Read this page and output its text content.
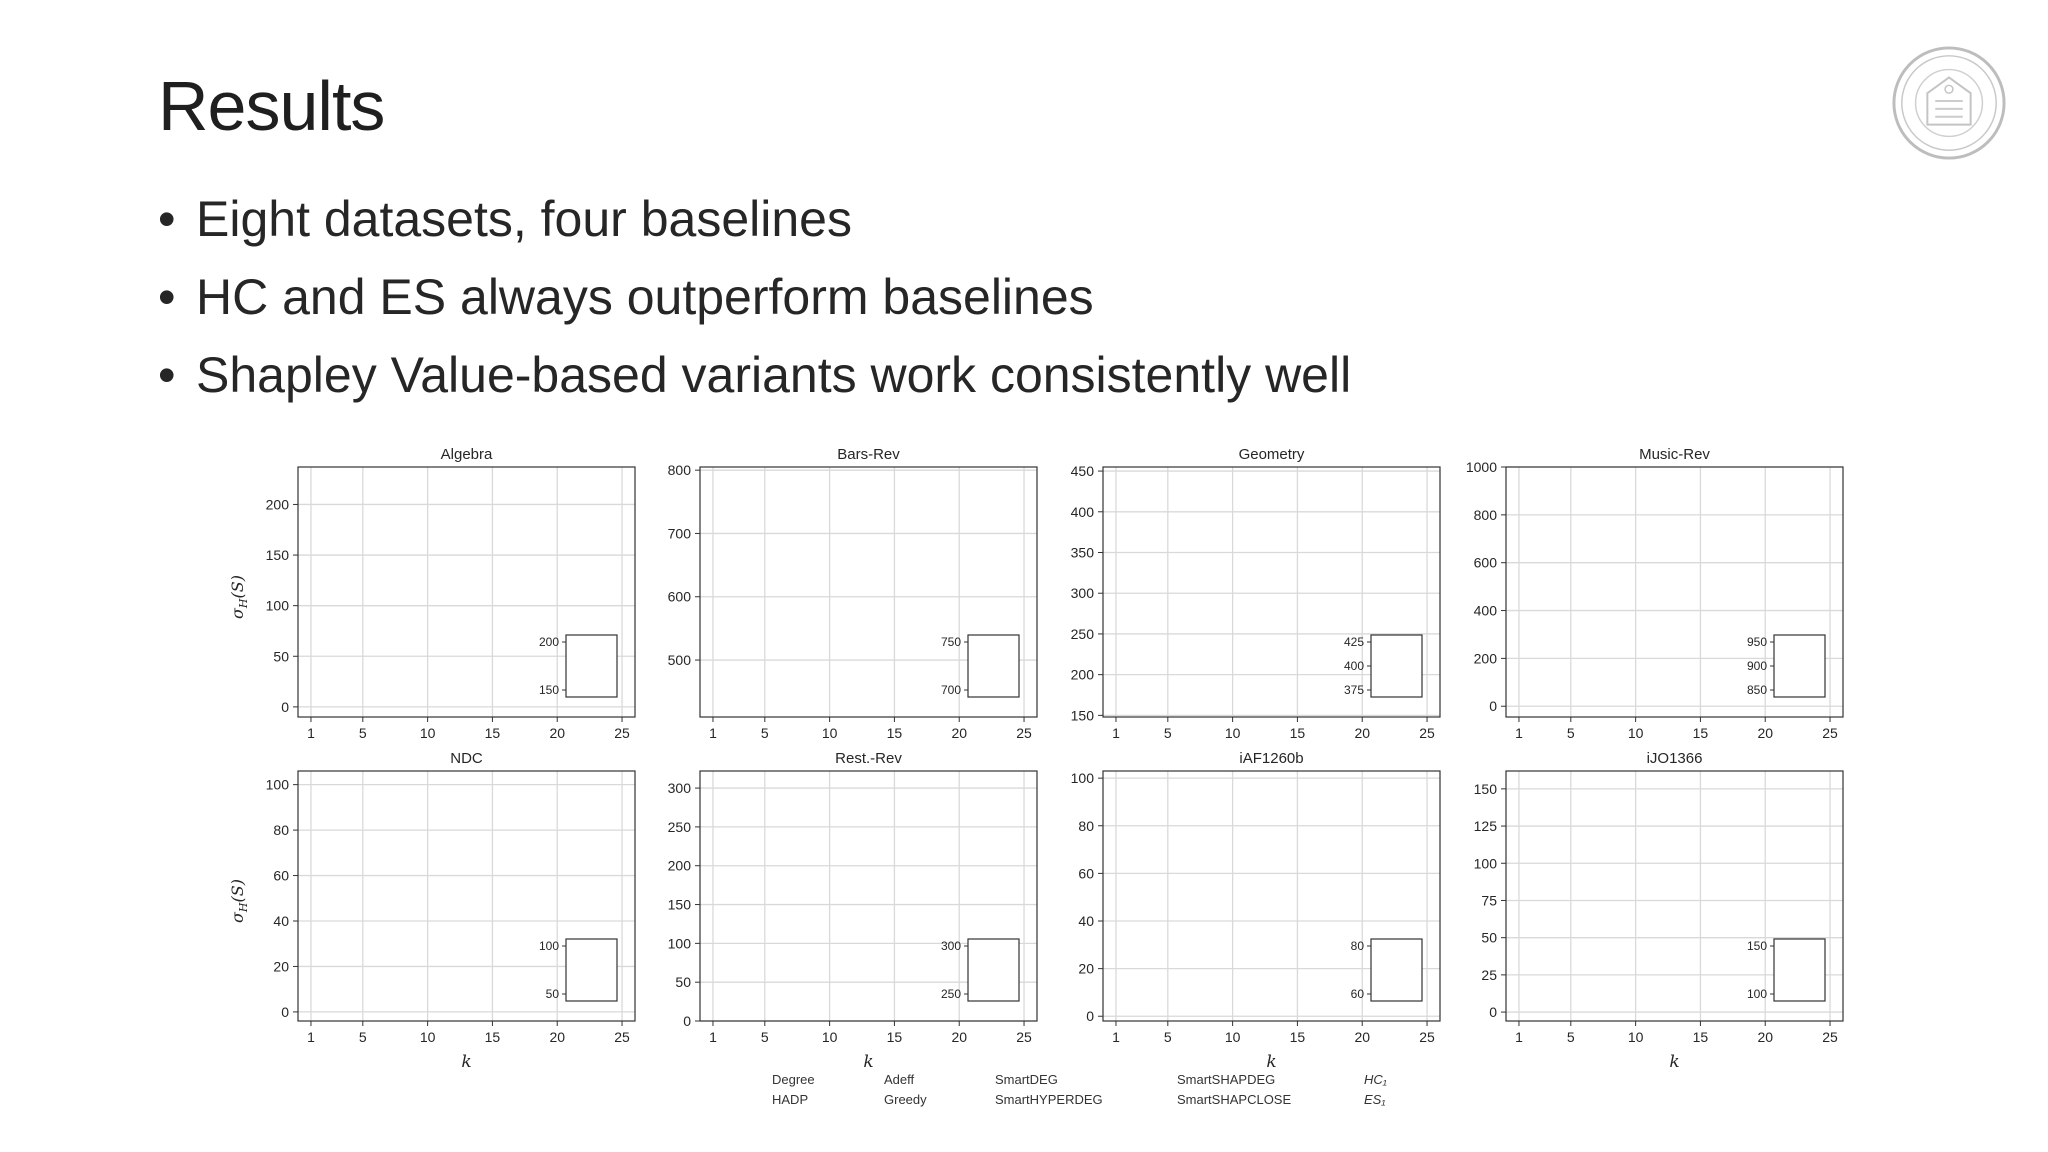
Results
• Eight datasets, four baselines
• HC and ES always outperform baselines
• Shapley Value-based variants work consistently well
Algebra
1	5	10	15	20	25
0
50
100
150
200
$\sigma_H(S)$
150
200
Bars-Rev
1	5	10	15	20	25
500
600
700
800
700
750
Geometry
1	5	10	15	20	25
150
200
250
300
350
400
450
375
400
425
Music-Rev
1	5	10	15	20	25
0
200
400
600
800
1000
850
900
950
NDC
1	5	10	15	20	25
0
20
40
60
80
100
k
$\sigma_H(S)$
50
100
Rest.-Rev
1	5	10	15	20	25
0
50
100
150
200
250
300
k
250
300
iAF1260b
1	5	10	15	20	25
0
20
40
60
80
100
k
60
80
iJO1366
1	5	10	15	20	25
0
25
50
75
100
125
150
k
100
150
Degree
HADP
Adeff
Greedy
SmartDEG
SmartHYPERDEG
SmartSHAPDEG
SmartSHAPCLOSE
HC₁
ES₁
